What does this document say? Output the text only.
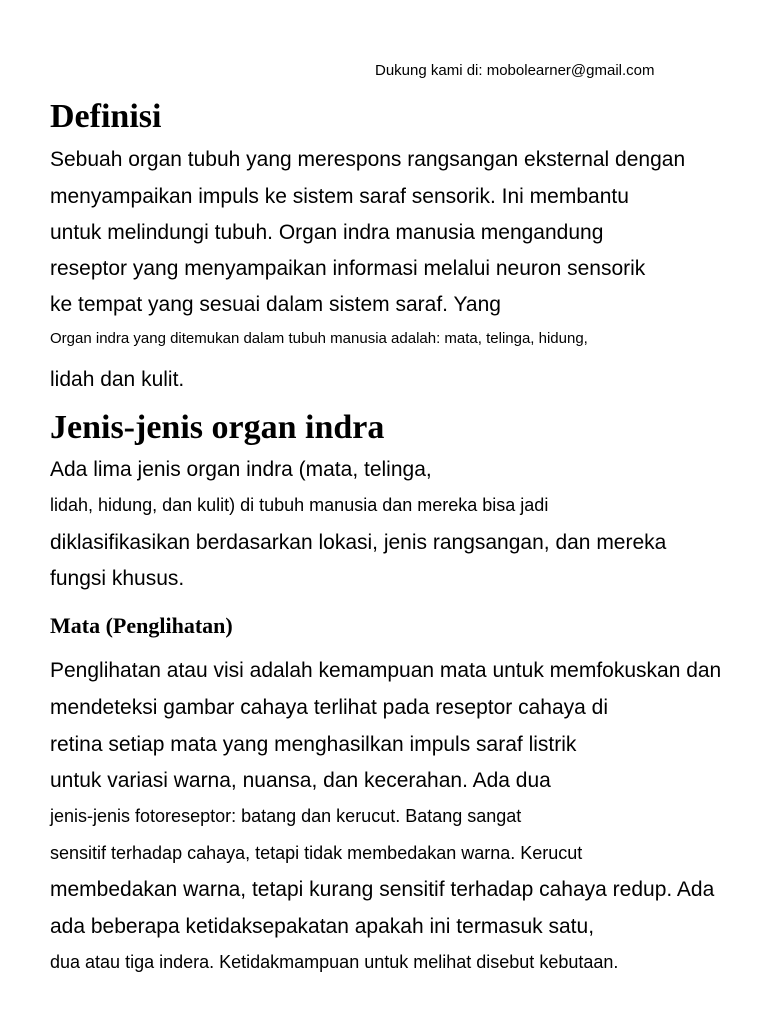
Dukung kami di: mobolearner@gmail.com
Definisi
Sebuah organ tubuh yang merespons rangsangan eksternal dengan
menyampaikan impuls ke sistem saraf sensorik. Ini membantu
untuk melindungi tubuh. Organ indra manusia mengandung
reseptor yang menyampaikan informasi melalui neuron sensorik
ke tempat yang sesuai dalam sistem saraf. Yang
Organ indra yang ditemukan dalam tubuh manusia adalah: mata, telinga, hidung,
lidah dan kulit.
Jenis-jenis organ indra
Ada lima jenis organ indra (mata, telinga,
lidah, hidung, dan kulit) di tubuh manusia dan mereka bisa jadi
diklasifikasikan berdasarkan lokasi, jenis rangsangan, dan mereka
fungsi khusus.
Mata (Penglihatan)
Penglihatan atau visi adalah kemampuan mata untuk memfokuskan dan
mendeteksi gambar cahaya terlihat pada reseptor cahaya di
retina setiap mata yang menghasilkan impuls saraf listrik
untuk variasi warna, nuansa, dan kecerahan. Ada dua
jenis-jenis fotoreseptor: batang dan kerucut. Batang sangat
sensitif terhadap cahaya, tetapi tidak membedakan warna. Kerucut
membedakan warna, tetapi kurang sensitif terhadap cahaya redup. Ada
ada beberapa ketidaksepakatan apakah ini termasuk satu,
dua atau tiga indera. Ketidakmampuan untuk melihat disebut kebutaan.
